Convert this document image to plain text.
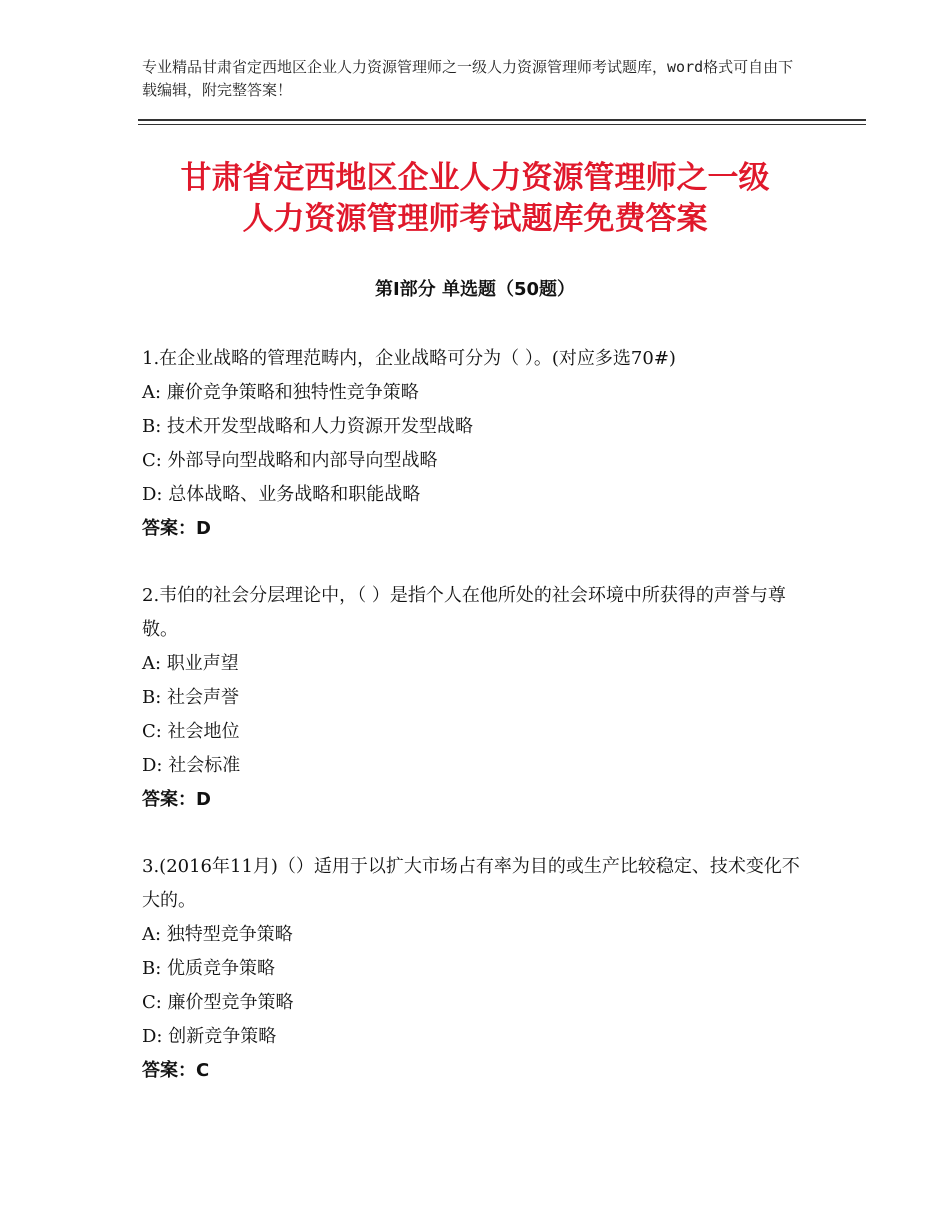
专业精品甘肃省定西地区企业人力资源管理师之一级人力资源管理师考试题库，word格式可自由下载编辑，附完整答案！
甘肃省定西地区企业人力资源管理师之一级
人力资源管理师考试题库免费答案
第Ⅰ部分 单选题（50题）
1.在企业战略的管理范畴内，企业战略可分为（ ）。(对应多选70#)
A: 廉价竞争策略和独特性竞争策略
B: 技术开发型战略和人力资源开发型战略
C: 外部导向型战略和内部导向型战略
D: 总体战略、业务战略和职能战略
答案：D
2.韦伯的社会分层理论中，（ ）是指个人在他所处的社会环境中所获得的声誉与尊敬。
A: 职业声望
B: 社会声誉
C: 社会地位
D: 社会标准
答案：D
3.(2016年11月)（）适用于以扩大市场占有率为目的或生产比较稳定、技术变化不大的。
A: 独特型竞争策略
B: 优质竞争策略
C: 廉价型竞争策略
D: 创新竞争策略
答案：C
